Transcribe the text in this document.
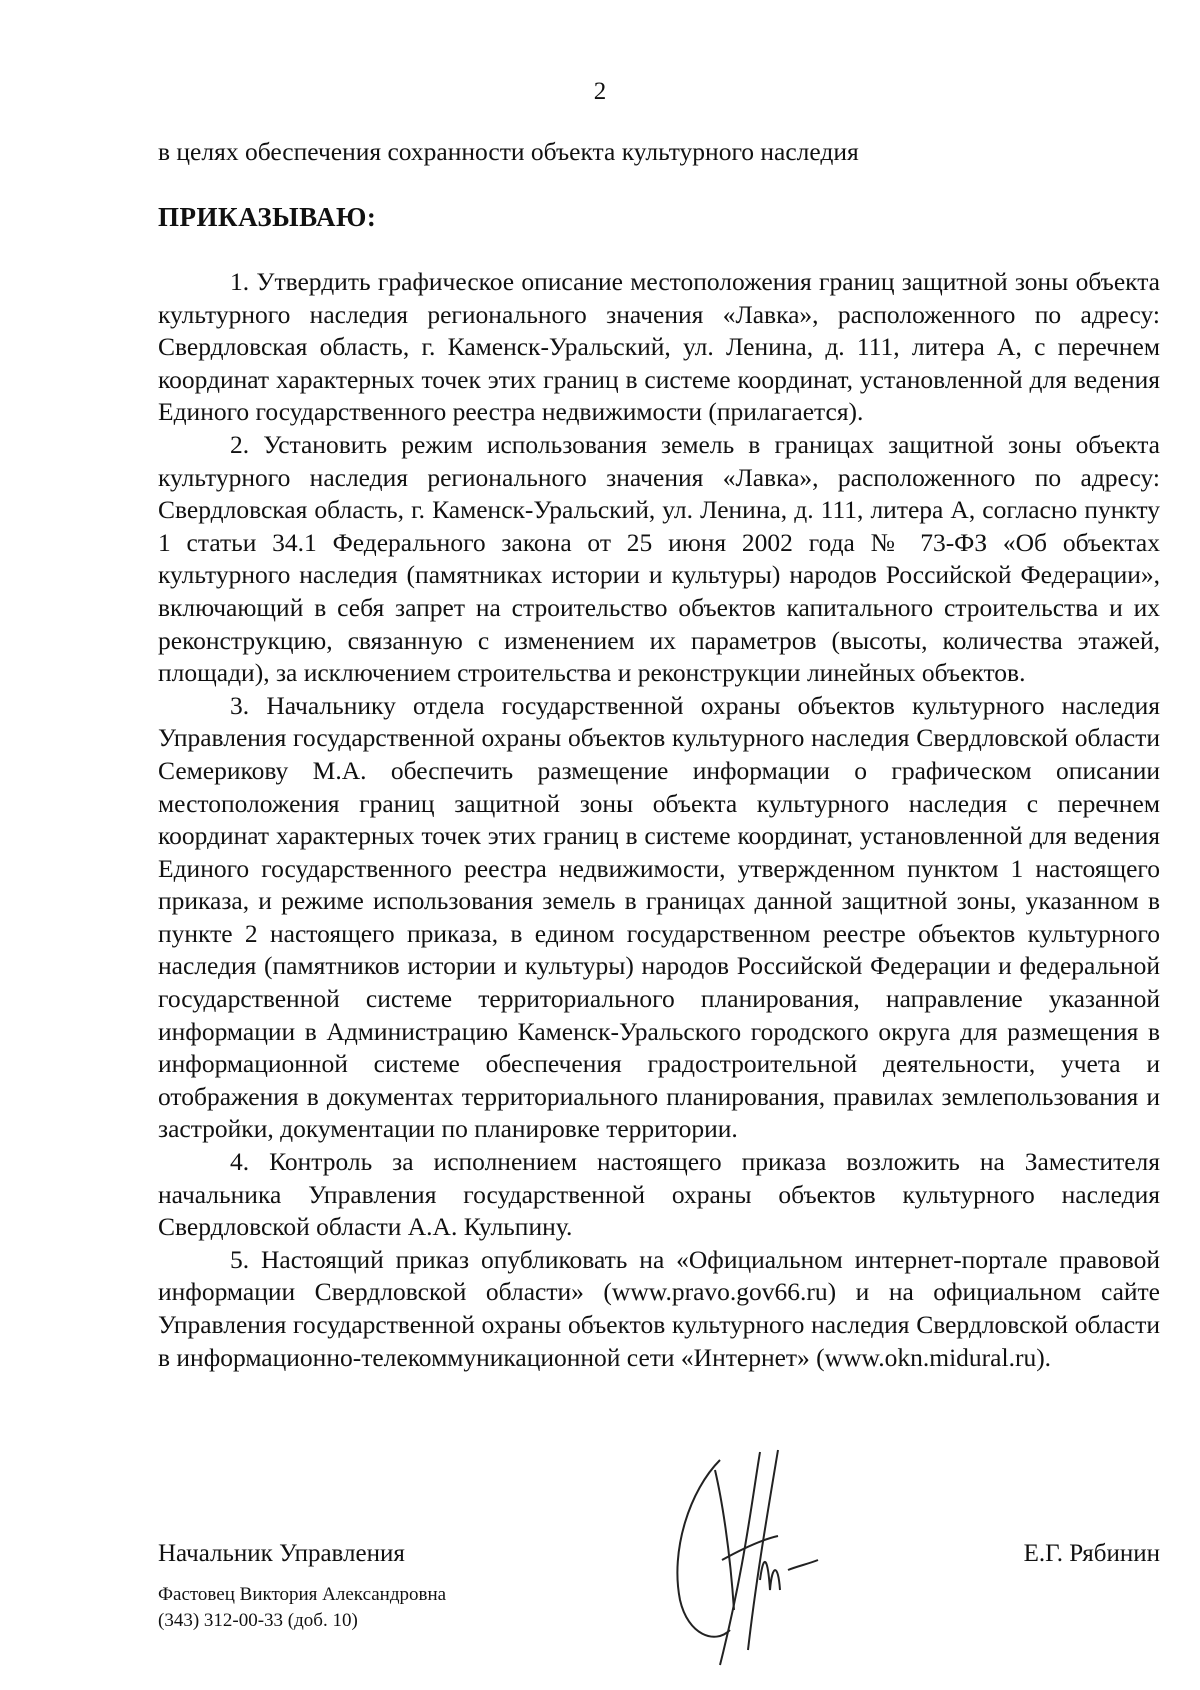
2
в целях обеспечения сохранности объекта культурного наследия
ПРИКАЗЫВАЮ:

1. Утвердить графическое описание местоположения границ защитной зоны объекта культурного наследия регионального значения «Лавка», расположенного по адресу: Свердловская область, г. Каменск-Уральский, ул. Ленина, д. 111, литера А, с перечнем координат характерных точек этих границ в системе координат, установленной для ведения Единого государственного реестра недвижимости (прилагается).

2. Установить режим использования земель в границах защитной зоны объекта культурного наследия регионального значения «Лавка», расположенного по адресу: Свердловская область, г. Каменск-Уральский, ул. Ленина, д. 111, литера А, согласно пункту 1 статьи 34.1 Федерального закона от 25 июня 2002 года № 73-ФЗ «Об объектах культурного наследия (памятниках истории и культуры) народов Российской Федерации», включающий в себя запрет на строительство объектов капитального строительства и их реконструкцию, связанную с изменением их параметров (высоты, количества этажей, площади), за исключением строительства и реконструкции линейных объектов.

3. Начальнику отдела государственной охраны объектов культурного наследия Управления государственной охраны объектов культурного наследия Свердловской области Семерикову М.А. обеспечить размещение информации о графическом описании местоположения границ защитной зоны объекта культурного наследия с перечнем координат характерных точек этих границ в системе координат, установленной для ведения Единого государственного реестра недвижимости, утвержденном пунктом 1 настоящего приказа, и режиме использования земель в границах данной защитной зоны, указанном в пункте 2 настоящего приказа, в едином государственном реестре объектов культурного наследия (памятников истории и культуры) народов Российской Федерации и федеральной государственной системе территориального планирования, направление указанной информации в Администрацию Каменск-Уральского городского округа для размещения в информационной системе обеспечения градостроительной деятельности, учета и отображения в документах территориального планирования, правилах землепользования и застройки, документации по планировке территории.

4. Контроль за исполнением настоящего приказа возложить на Заместителя начальника Управления государственной охраны объектов культурного наследия Свердловской области А.А. Кульпину.

5. Настоящий приказ опубликовать на «Официальном интернет-портале правовой информации Свердловской области» (www.pravo.gov66.ru) и на официальном сайте Управления государственной охраны объектов культурного наследия Свердловской области в информационно-телекоммуникационной сети «Интернет» (www.okn.midural.ru).

Начальник Управления	Е.Г. Рябинин
Фастовец Виктория Александровна
(343) 312-00-33 (доб. 10)
